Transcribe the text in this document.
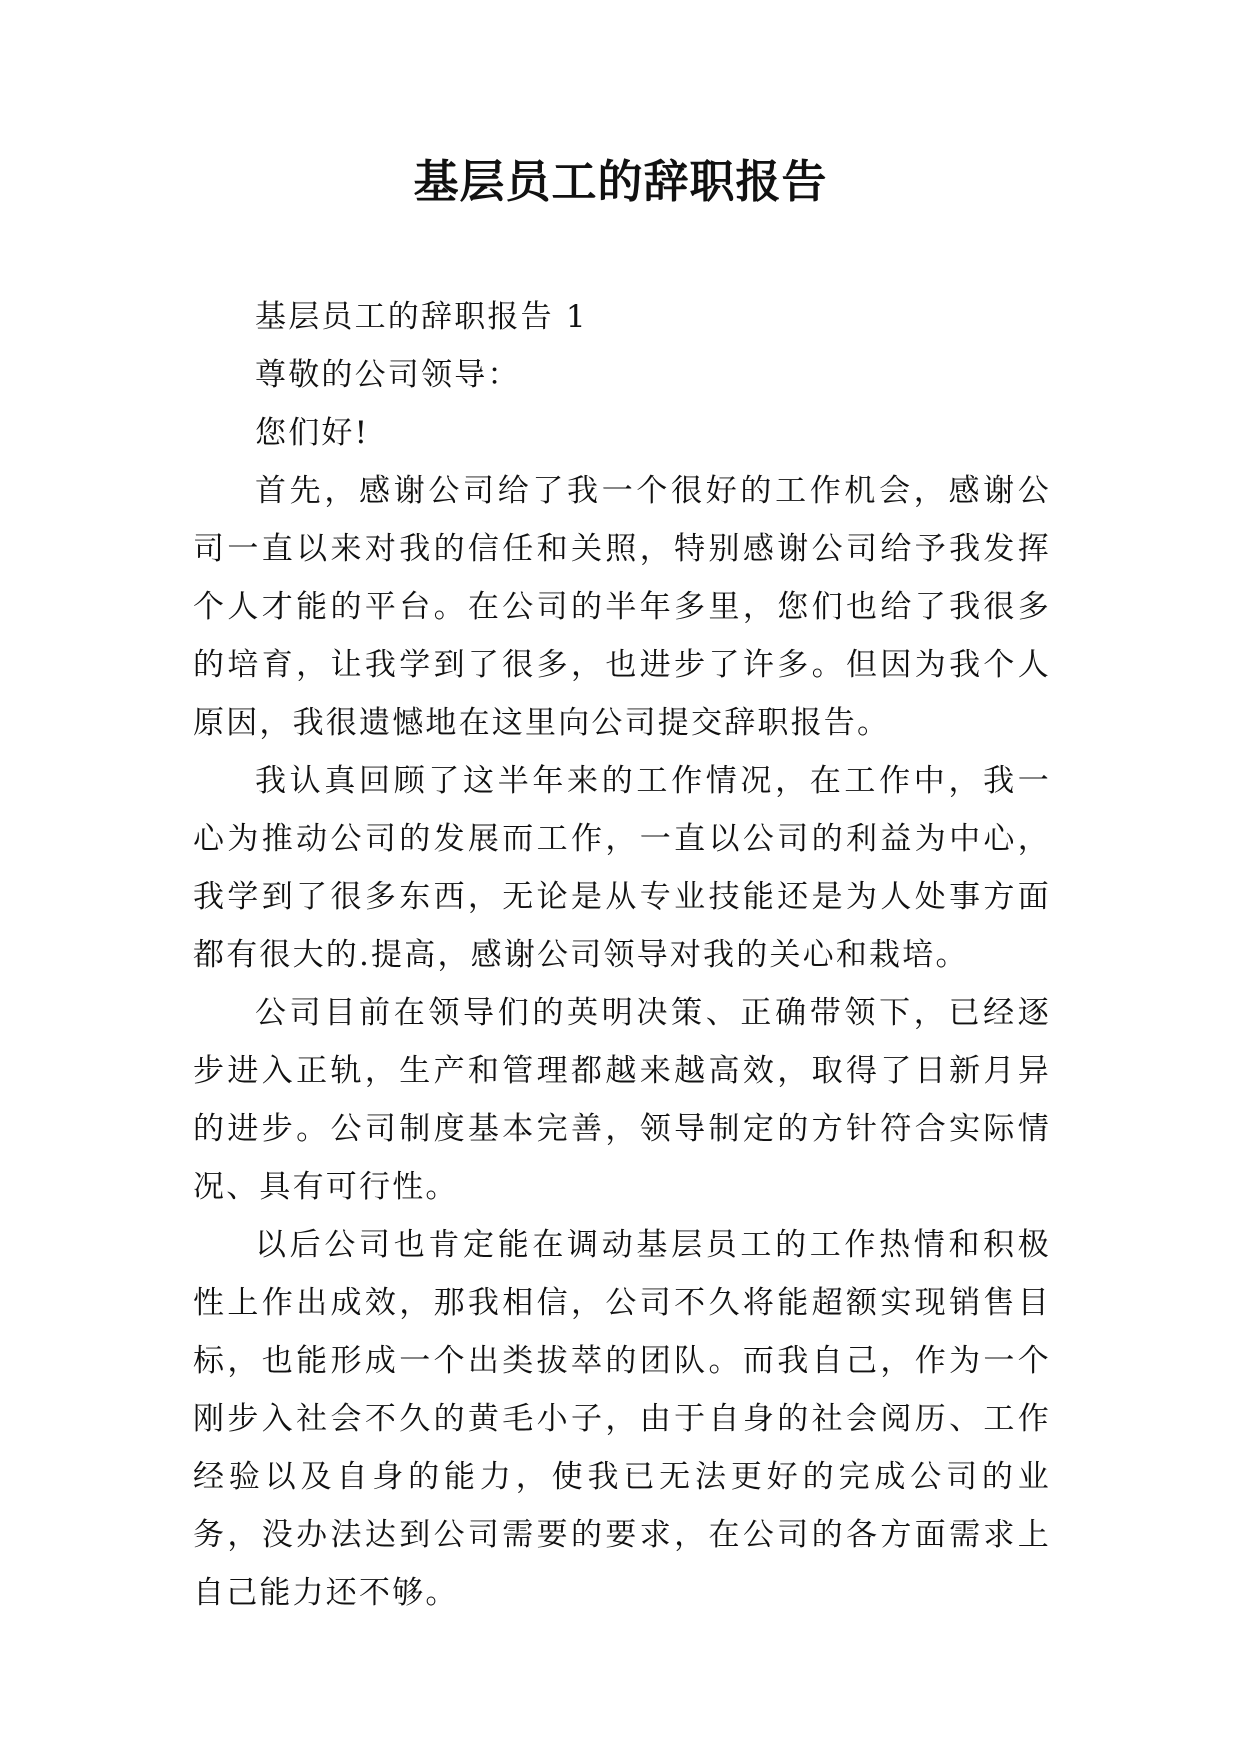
基层员工的辞职报告

基层员工的辞职报告 1

尊敬的公司领导：

您们好!

首先，感谢公司给了我一个很好的工作机会，感谢公司一直以来对我的信任和关照，特别感谢公司给予我发挥个人才能的平台。在公司的半年多里，您们也给了我很多的培育，让我学到了很多，也进步了许多。但因为我个人原因，我很遗憾地在这里向公司提交辞职报告。

我认真回顾了这半年来的工作情况，在工作中，我一心为推动公司的发展而工作，一直以公司的利益为中心，我学到了很多东西，无论是从专业技能还是为人处事方面都有很大的.提高，感谢公司领导对我的关心和栽培。

公司目前在领导们的英明决策、正确带领下，已经逐步进入正轨，生产和管理都越来越高效，取得了日新月异的进步。公司制度基本完善，领导制定的方针符合实际情况、具有可行性。

以后公司也肯定能在调动基层员工的工作热情和积极性上作出成效，那我相信，公司不久将能超额实现销售目标，也能形成一个出类拔萃的团队。而我自己，作为一个刚步入社会不久的黄毛小子，由于自身的社会阅历、工作经验以及自身的能力，使我已无法更好的完成公司的业务，没办法达到公司需要的要求，在公司的各方面需求上自己能力还不够。
